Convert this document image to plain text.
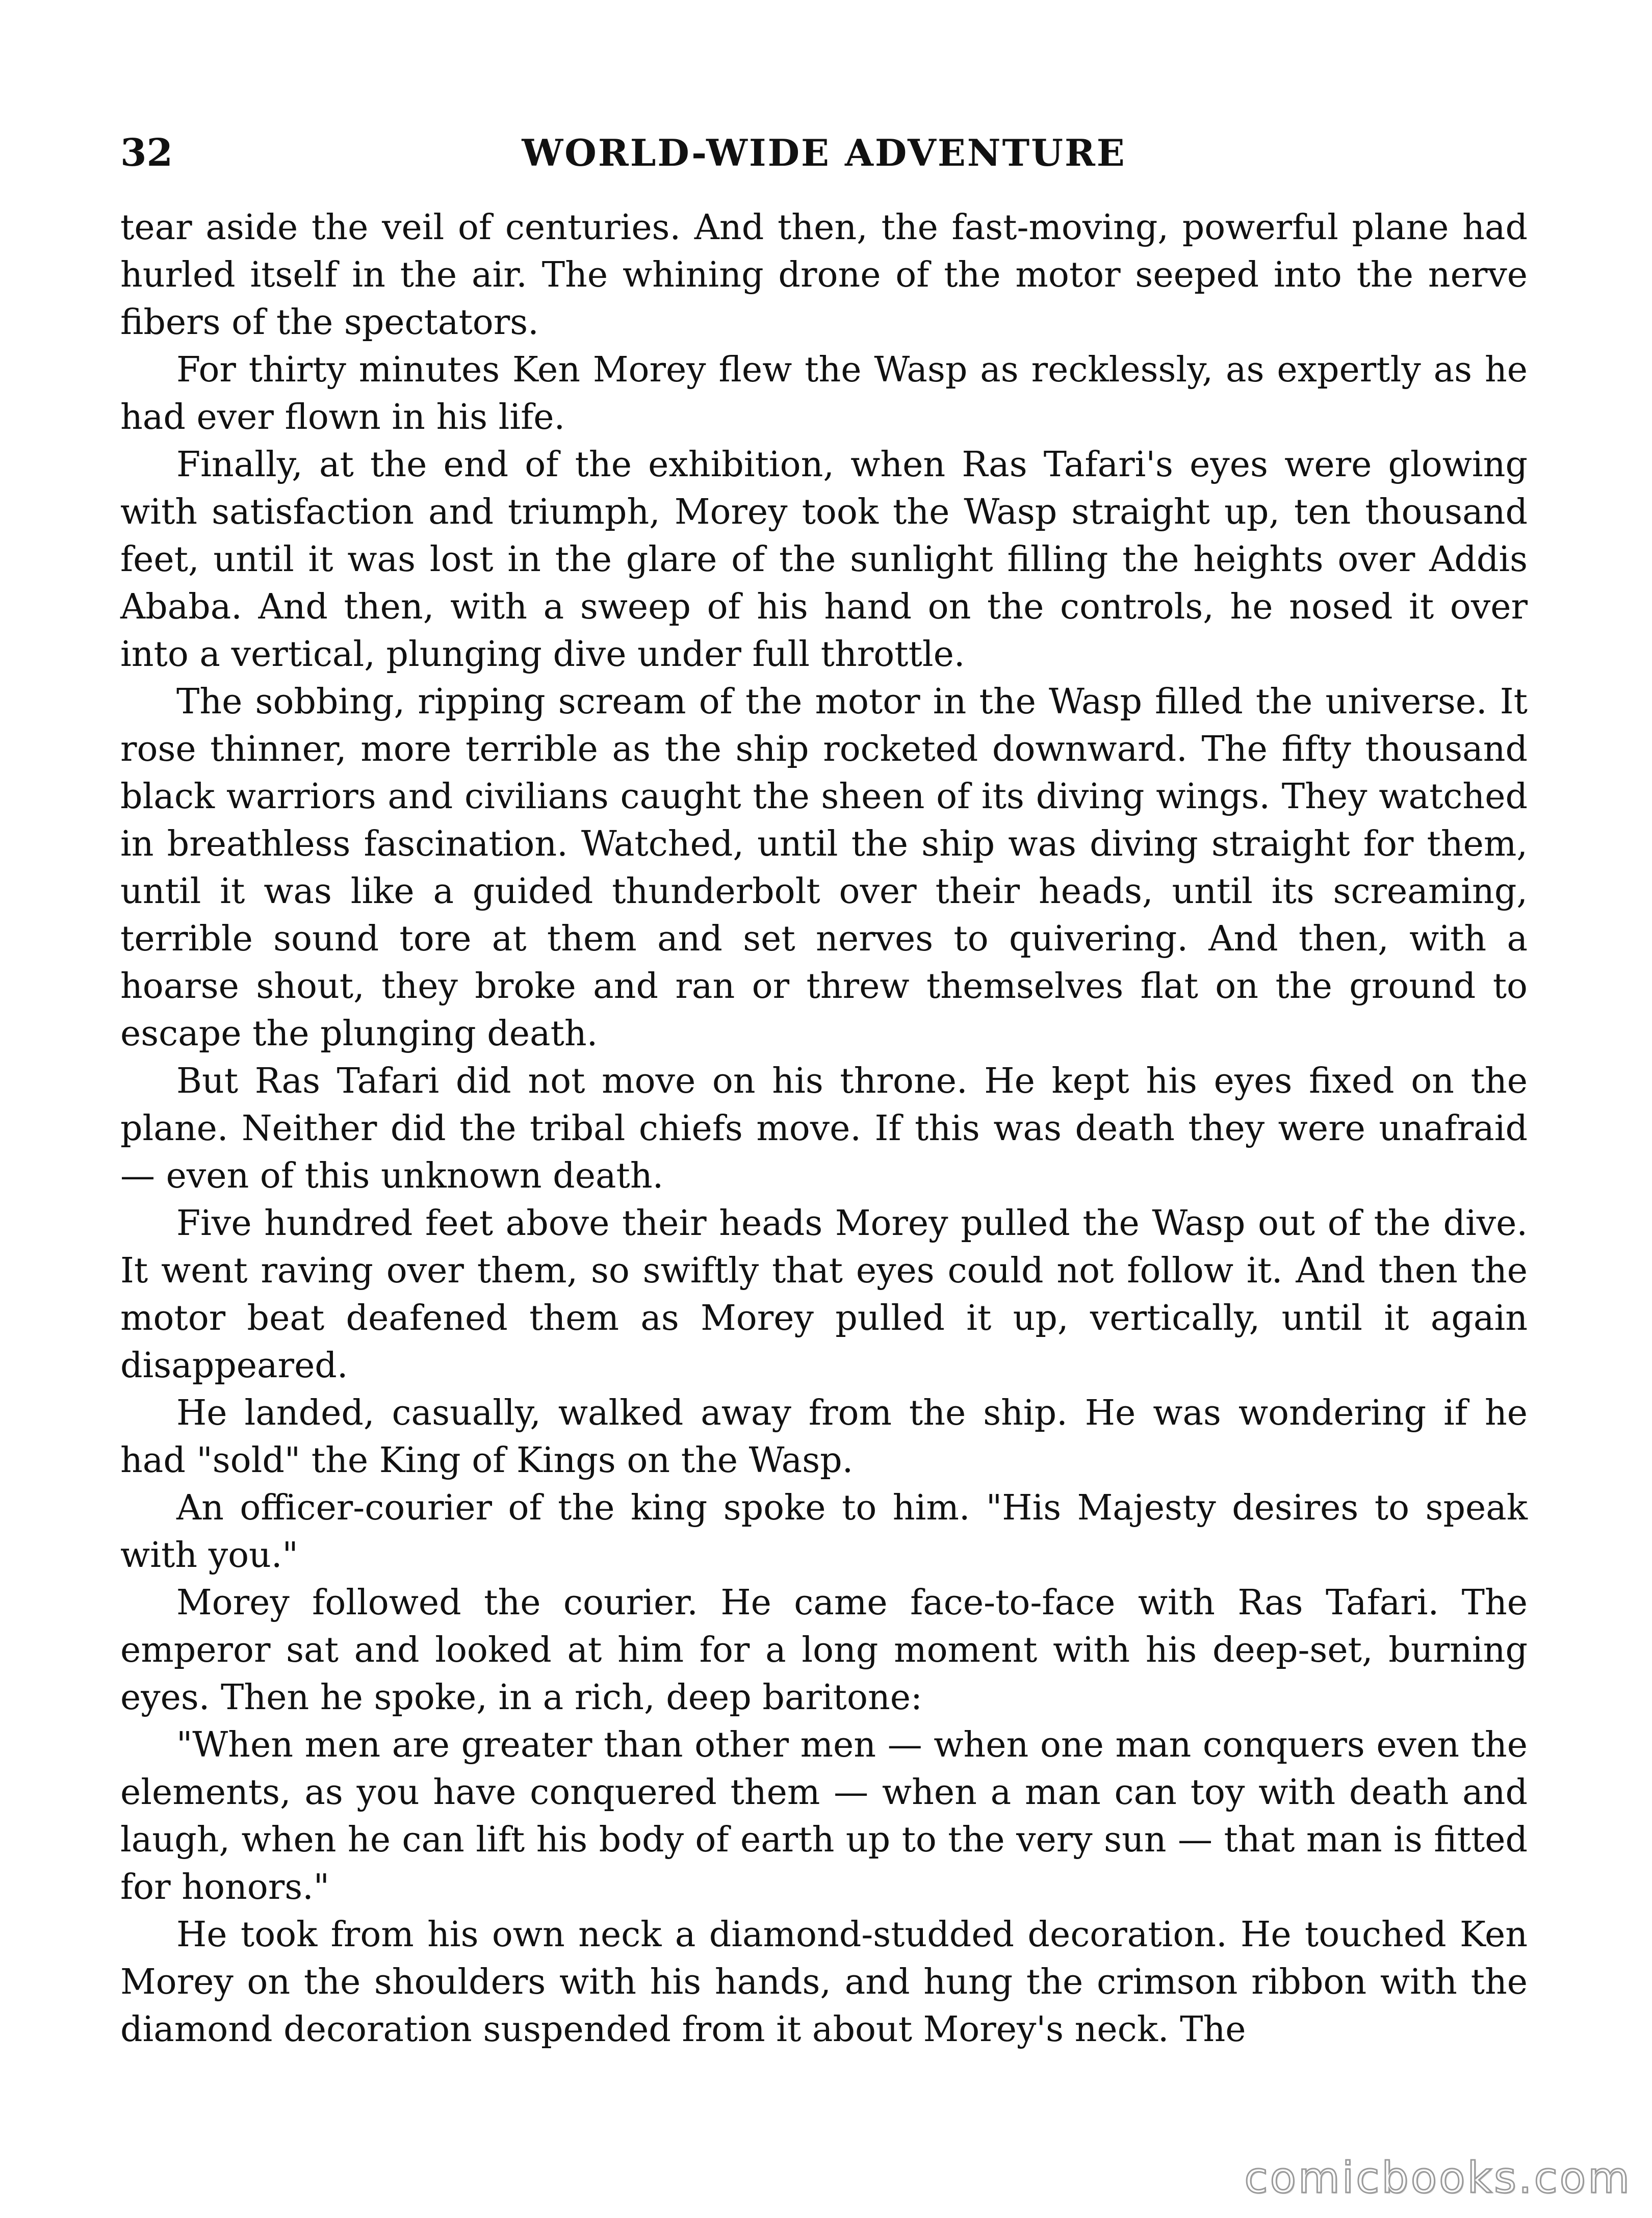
32	WORLD-WIDE ADVENTURE

tear aside the veil of centuries. And then, the fast-moving, powerful plane had hurled itself in the air. The whining drone of the motor seeped into the nerve fibers of the spectators.

For thirty minutes Ken Morey flew the Wasp as recklessly, as expertly as he had ever flown in his life.

Finally, at the end of the exhibition, when Ras Tafari's eyes were glowing with satisfaction and triumph, Morey took the Wasp straight up, ten thousand feet, until it was lost in the glare of the sunlight filling the heights over Addis Ababa. And then, with a sweep of his hand on the controls, he nosed it over into a vertical, plunging dive under full throttle.

The sobbing, ripping scream of the motor in the Wasp filled the universe. It rose thinner, more terrible as the ship rocketed downward. The fifty thousand black warriors and civilians caught the sheen of its diving wings. They watched in breathless fascination. Watched, until the ship was diving straight for them, until it was like a guided thunderbolt over their heads, until its screaming, terrible sound tore at them and set nerves to quivering. And then, with a hoarse shout, they broke and ran or threw themselves flat on the ground to escape the plunging death.

But Ras Tafari did not move on his throne. He kept his eyes fixed on the plane. Neither did the tribal chiefs move. If this was death they were unafraid — even of this unknown death.

Five hundred feet above their heads Morey pulled the Wasp out of the dive. It went raving over them, so swiftly that eyes could not follow it. And then the motor beat deafened them as Morey pulled it up, vertically, until it again disappeared.

He landed, casually, walked away from the ship. He was wondering if he had "sold" the King of Kings on the Wasp.

An officer-courier of the king spoke to him. "His Majesty desires to speak with you."

Morey followed the courier. He came face-to-face with Ras Tafari. The emperor sat and looked at him for a long moment with his deep-set, burning eyes. Then he spoke, in a rich, deep baritone:

"When men are greater than other men — when one man conquers even the elements, as you have conquered them — when a man can toy with death and laugh, when he can lift his body of earth up to the very sun — that man is fitted for honors."

He took from his own neck a diamond-studded decoration. He touched Ken Morey on the shoulders with his hands, and hung the crimson ribbon with the diamond decoration suspended from it about Morey's neck. The

comicbooks.com
